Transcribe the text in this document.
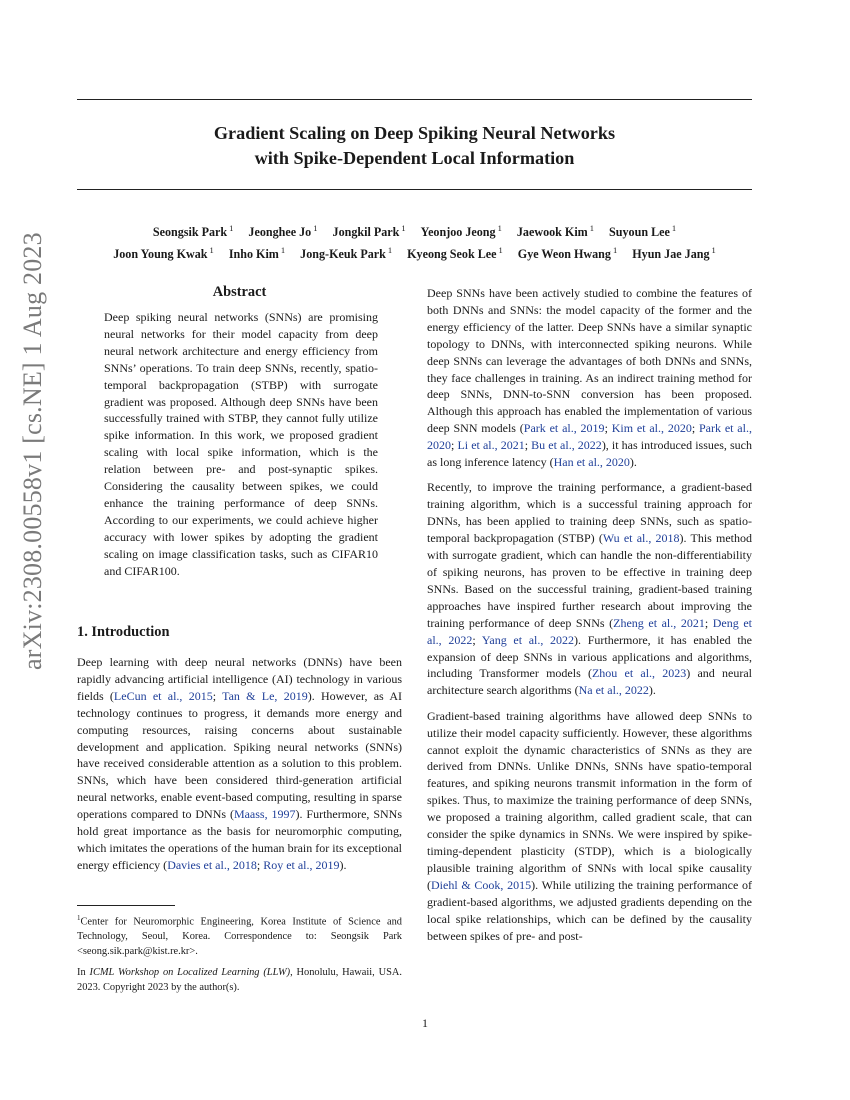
Gradient Scaling on Deep Spiking Neural Networks
with Spike-Dependent Local Information
Seongsik Park $^1$ Jeonghee Jo $^1$ Jongkil Park $^1$ Yeonjoo Jeong $^1$ Jaewook Kim $^1$ Suyoun Lee $^1$
Joon Young Kwak $^1$ Inho Kim $^1$ Jong-Keuk Park $^1$ Kyeong Seok Lee $^1$ Gye Weon Hwang $^1$ Hyun Jae Jang $^1$
arXiv:2308.00558v1 [cs.NE] 1 Aug 2023	Abstract

Deep spiking neural networks (SNNs) are promising neural networks for their model capacity from deep neural network architecture and energy efficiency from SNNs’ operations. To train deep SNNs, recently, spatio-temporal backpropagation (STBP) with surrogate gradient was proposed. Although deep SNNs have been successfully trained with STBP, they cannot fully utilize spike information. In this work, we proposed gradient scaling with local spike information, which is the relation between pre- and post-synaptic spikes. Considering the causality between spikes, we could enhance the training performance of deep SNNs. According to our experiments, we could achieve higher accuracy with lower spikes by adopting the gradient scaling on image classification tasks, such as CIFAR10 and CIFAR100.

1. Introduction

Deep learning with deep neural networks (DNNs) have been rapidly advancing artificial intelligence (AI) technology in various fields (LeCun et al., 2015; Tan & Le, 2019). However, as AI technology continues to progress, it demands more energy and computing resources, raising concerns about sustainable development and application. Spiking neural networks (SNNs) have received considerable attention as a solution to this problem. SNNs, which have been considered third-generation artificial neural networks, enable event-based computing, resulting in sparse operations compared to DNNs (Maass, 1997). Furthermore, SNNs hold great importance as the basis for neuromorphic computing, which imitates the operations of the human brain for its exceptional energy efficiency (Davies et al., 2018; Roy et al., 2019).

$^1$Center for Neuromorphic Engineering, Korea Institute of Science and Technology, Seoul, Korea. Correspondence to: Seongsik Park <seong.sik.park@kist.re.kr>.

In ICML Workshop on Localized Learning (LLW), Honolulu, Hawaii, USA. 2023. Copyright 2023 by the author(s).

Deep SNNs have been actively studied to combine the features of both DNNs and SNNs: the model capacity of the former and the energy efficiency of the latter. Deep SNNs have a similar synaptic topology to DNNs, with interconnected spiking neurons. While deep SNNs can leverage the advantages of both DNNs and SNNs, they face challenges in training. As an indirect training method for deep SNNs, DNN-to-SNN conversion has been proposed. Although this approach has enabled the implementation of various deep SNN models (Park et al., 2019; Kim et al., 2020; Park et al., 2020; Li et al., 2021; Bu et al., 2022), it has introduced issues, such as long inference latency (Han et al., 2020).

Recently, to improve the training performance, a gradient-based training algorithm, which is a successful training approach for DNNs, has been applied to training deep SNNs, such as spatio-temporal backpropagation (STBP) (Wu et al., 2018). This method with surrogate gradient, which can handle the non-differentiability of spiking neurons, has proven to be effective in training deep SNNs. Based on the successful training, gradient-based training approaches have inspired further research about improving the training performance of deep SNNs (Zheng et al., 2021; Deng et al., 2022; Yang et al., 2022). Furthermore, it has enabled the expansion of deep SNNs in various applications and algorithms, including Transformer models (Zhou et al., 2023) and neural architecture search algorithms (Na et al., 2022).

Gradient-based training algorithms have allowed deep SNNs to utilize their model capacity sufficiently. However, these algorithms cannot exploit the dynamic characteristics of SNNs as they are derived from DNNs. Unlike DNNs, SNNs have spatio-temporal features, and spiking neurons transmit information in the form of spikes. Thus, to maximize the training performance of deep SNNs, we proposed a training algorithm, called gradient scale, that can consider the spike dynamics in SNNs. We were inspired by spike-timing-dependent plasticity (STDP), which is a biologically plausible training algorithm of SNNs with local spike causality (Diehl & Cook, 2015). While utilizing the training performance of gradient-based algorithms, we adjusted gradients depending on the local spike relationships, which can be defined by the causality between spikes of pre- and post-

1
